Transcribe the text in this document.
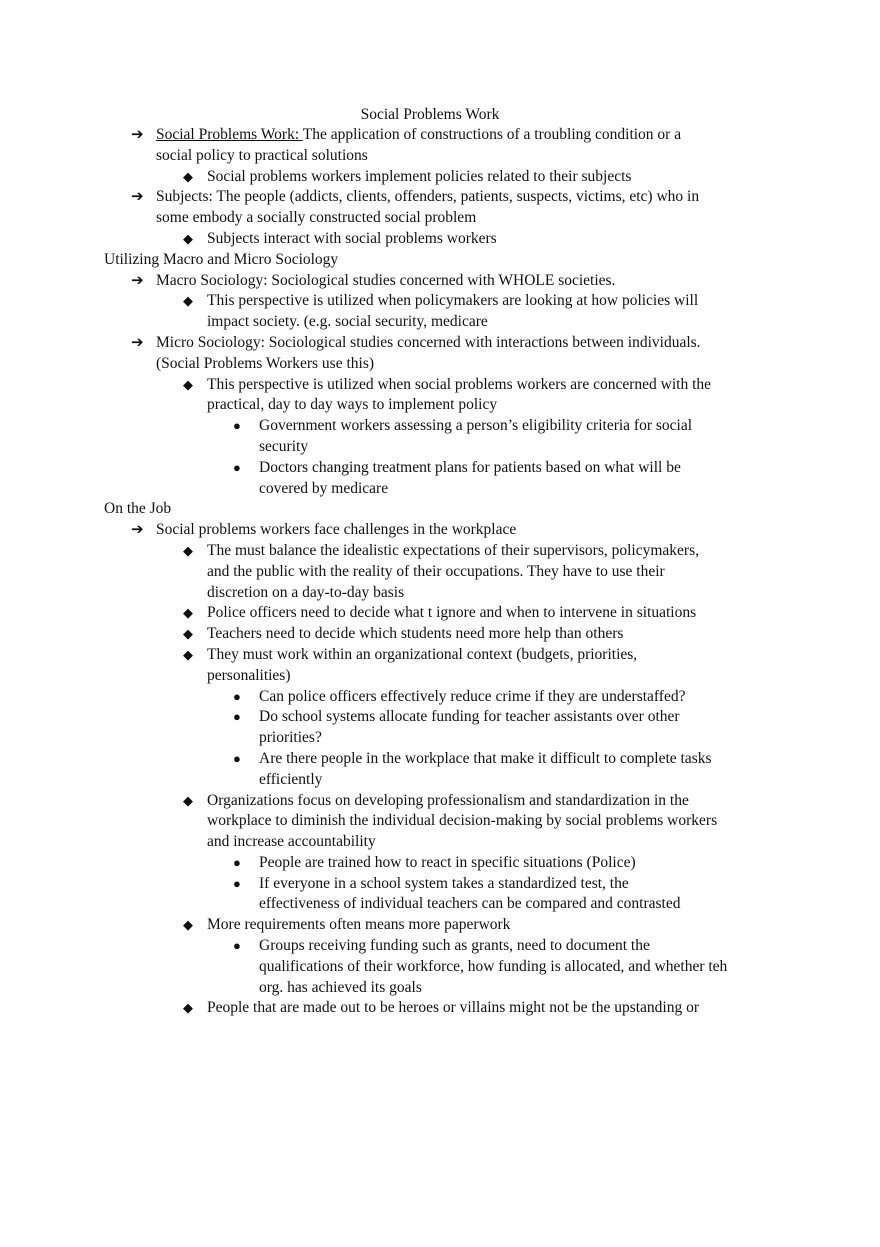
Social Problems Work
➔ Social Problems Work: The application of constructions of a troubling condition or a
social policy to practical solutions
◆ Social problems workers implement policies related to their subjects
➔ Subjects: The people (addicts, clients, offenders, patients, suspects, victims, etc) who in
some embody a socially constructed social problem
◆ Subjects interact with social problems workers
Utilizing Macro and Micro Sociology
➔ Macro Sociology: Sociological studies concerned with WHOLE societies.
◆ This perspective is utilized when policymakers are looking at how policies will
impact society. (e.g. social security, medicare
➔ Micro Sociology: Sociological studies concerned with interactions between individuals.
(Social Problems Workers use this)
◆ This perspective is utilized when social problems workers are concerned with the
practical, day to day ways to implement policy
● Government workers assessing a person’s eligibility criteria for social
security
● Doctors changing treatment plans for patients based on what will be
covered by medicare
On the Job
➔ Social problems workers face challenges in the workplace
◆ The must balance the idealistic expectations of their supervisors, policymakers,
and the public with the reality of their occupations. They have to use their
discretion on a day-to-day basis
◆ Police officers need to decide what t ignore and when to intervene in situations
◆ Teachers need to decide which students need more help than others
◆ They must work within an organizational context (budgets, priorities,
personalities)
● Can police officers effectively reduce crime if they are understaffed?
● Do school systems allocate funding for teacher assistants over other
priorities?
● Are there people in the workplace that make it difficult to complete tasks
efficiently
◆ Organizations focus on developing professionalism and standardization in the
workplace to diminish the individual decision-making by social problems workers
and increase accountability
● People are trained how to react in specific situations (Police)
● If everyone in a school system takes a standardized test, the
effectiveness of individual teachers can be compared and contrasted
◆ More requirements often means more paperwork
● Groups receiving funding such as grants, need to document the
qualifications of their workforce, how funding is allocated, and whether teh
org. has achieved its goals
◆ People that are made out to be heroes or villains might not be the upstanding or
